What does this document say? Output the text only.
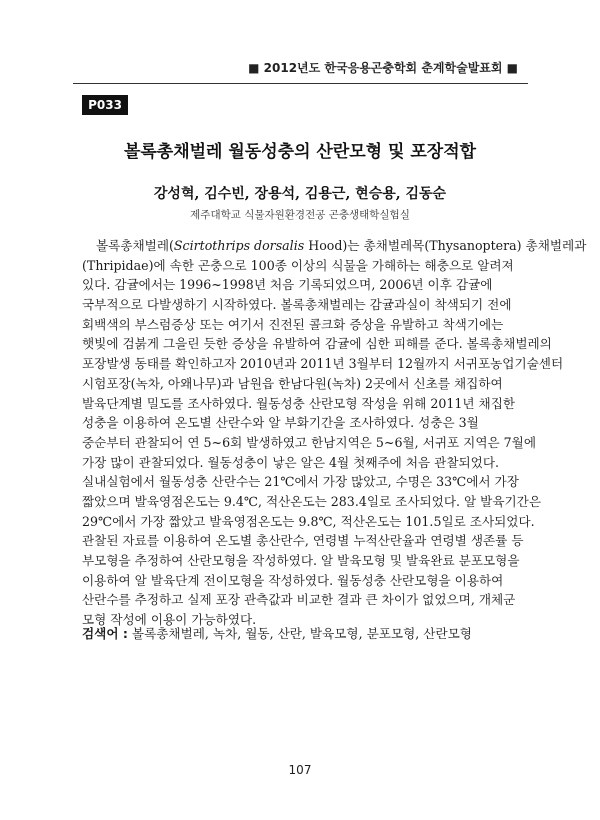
■ 2012년도 한국응용곤충학회 춘계학술발표회 ■
P033
볼록총채벌레 월동성충의 산란모형 및 포장적합
강성혁, 김수빈, 장용석, 김용근, 현승용, 김동순
제주대학교 식물자원환경전공 곤충생태학실험실
볼록총채벌레(Scirtothrips dorsalis Hood)는 총채벌레목(Thysanoptera) 총채벌레과
(Thripidae)에 속한 곤충으로 100종 이상의 식물을 가해하는 해충으로 알려져
있다. 감귤에서는 1996~1998년 처음 기록되었으며, 2006년 이후 감귤에
국부적으로 다발생하기 시작하였다. 볼록총채벌레는 감귤과실이 착색되기 전에
회백색의 부스럼증상 또는 여기서 진전된 콜크화 증상을 유발하고 착색기에는
햇빛에 검붉게 그을린 듯한 증상을 유발하여 감귤에 심한 피해를 준다. 볼록총채벌레의
포장발생 동태를 확인하고자 2010년과 2011년 3월부터 12월까지 서귀포농업기술센터
시험포장(녹차, 아왜나무)과 남원읍 한남다원(녹차) 2곳에서 신초를 채집하여
발육단계별 밀도를 조사하였다. 월동성충 산란모형 작성을 위해 2011년 채집한
성충을 이용하여 온도별 산란수와 알 부화기간을 조사하였다. 성충은 3월
중순부터 관찰되어 연 5~6회 발생하였고 한남지역은 5~6월, 서귀포 지역은 7월에
가장 많이 관찰되었다. 월동성충이 낳은 알은 4월 첫째주에 처음 관찰되었다.
실내실험에서 월동성충 산란수는 21℃에서 가장 많았고, 수명은 33℃에서 가장
짧았으며 발육영점온도는 9.4℃, 적산온도는 283.4일로 조사되었다. 알 발육기간은
29℃에서 가장 짧았고 발육영점온도는 9.8℃, 적산온도는 101.5일로 조사되었다.
관찰된 자료를 이용하여 온도별 총산란수, 연령별 누적산란율과 연령별 생존률 등
부모형을 추정하여 산란모형을 작성하였다. 알 발육모형 및 발육완료 분포모형을
이용하여 알 발육단계 전이모형을 작성하였다. 월동성충 산란모형을 이용하여
산란수를 추정하고 실제 포장 관측값과 비교한 결과 큰 차이가 없었으며, 개체군
모형 작성에 이용이 가능하였다.
검색어 : 볼록총채벌레, 녹차, 월동, 산란, 발육모형, 분포모형, 산란모형
107
